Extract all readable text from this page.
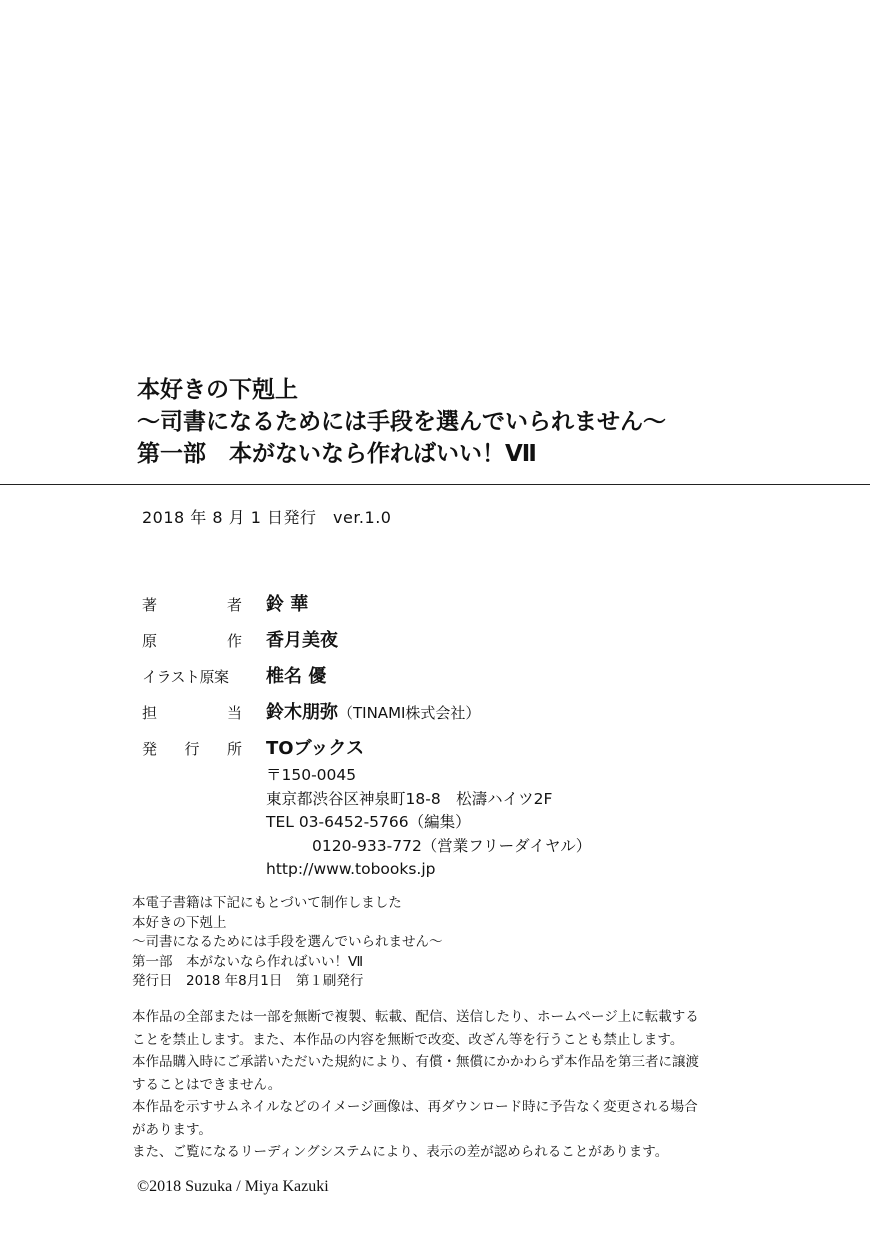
本好きの下剋上
～司書になるためには手段を選んでいられません～
第一部　本がないなら作ればいい！Ⅶ
2018 年 8 月 1 日発行　ver.1.0
著	者 鈴 華
原	作 香月美夜
イラスト原案 椎名 優
担	当 鈴木朋弥（TINAMI株式会社）
発 行 所 TOブックス
〒150-0045
東京都渋谷区神泉町18-8　松濤ハイツ2F
TEL 03-6452-5766（編集）
0120-933-772（営業フリーダイヤル）
http://www.tobooks.jp
本電子書籍は下記にもとづいて制作しました
本好きの下剋上
～司書になるためには手段を選んでいられません～
第一部　本がないなら作ればいい！Ⅶ
発行日　2018 年8月1日　第１刷発行
本作品の全部または一部を無断で複製、転載、配信、送信したり、ホームページ上に転載する
ことを禁止します。また、本作品の内容を無断で改変、改ざん等を行うことも禁止します。
本作品購入時にご承諾いただいた規約により、有償・無償にかかわらず本作品を第三者に譲渡
することはできません。
本作品を示すサムネイルなどのイメージ画像は、再ダウンロード時に予告なく変更される場合
があります。
また、ご覧になるリーディングシステムにより、表示の差が認められることがあります。
©2018 Suzuka / Miya Kazuki
